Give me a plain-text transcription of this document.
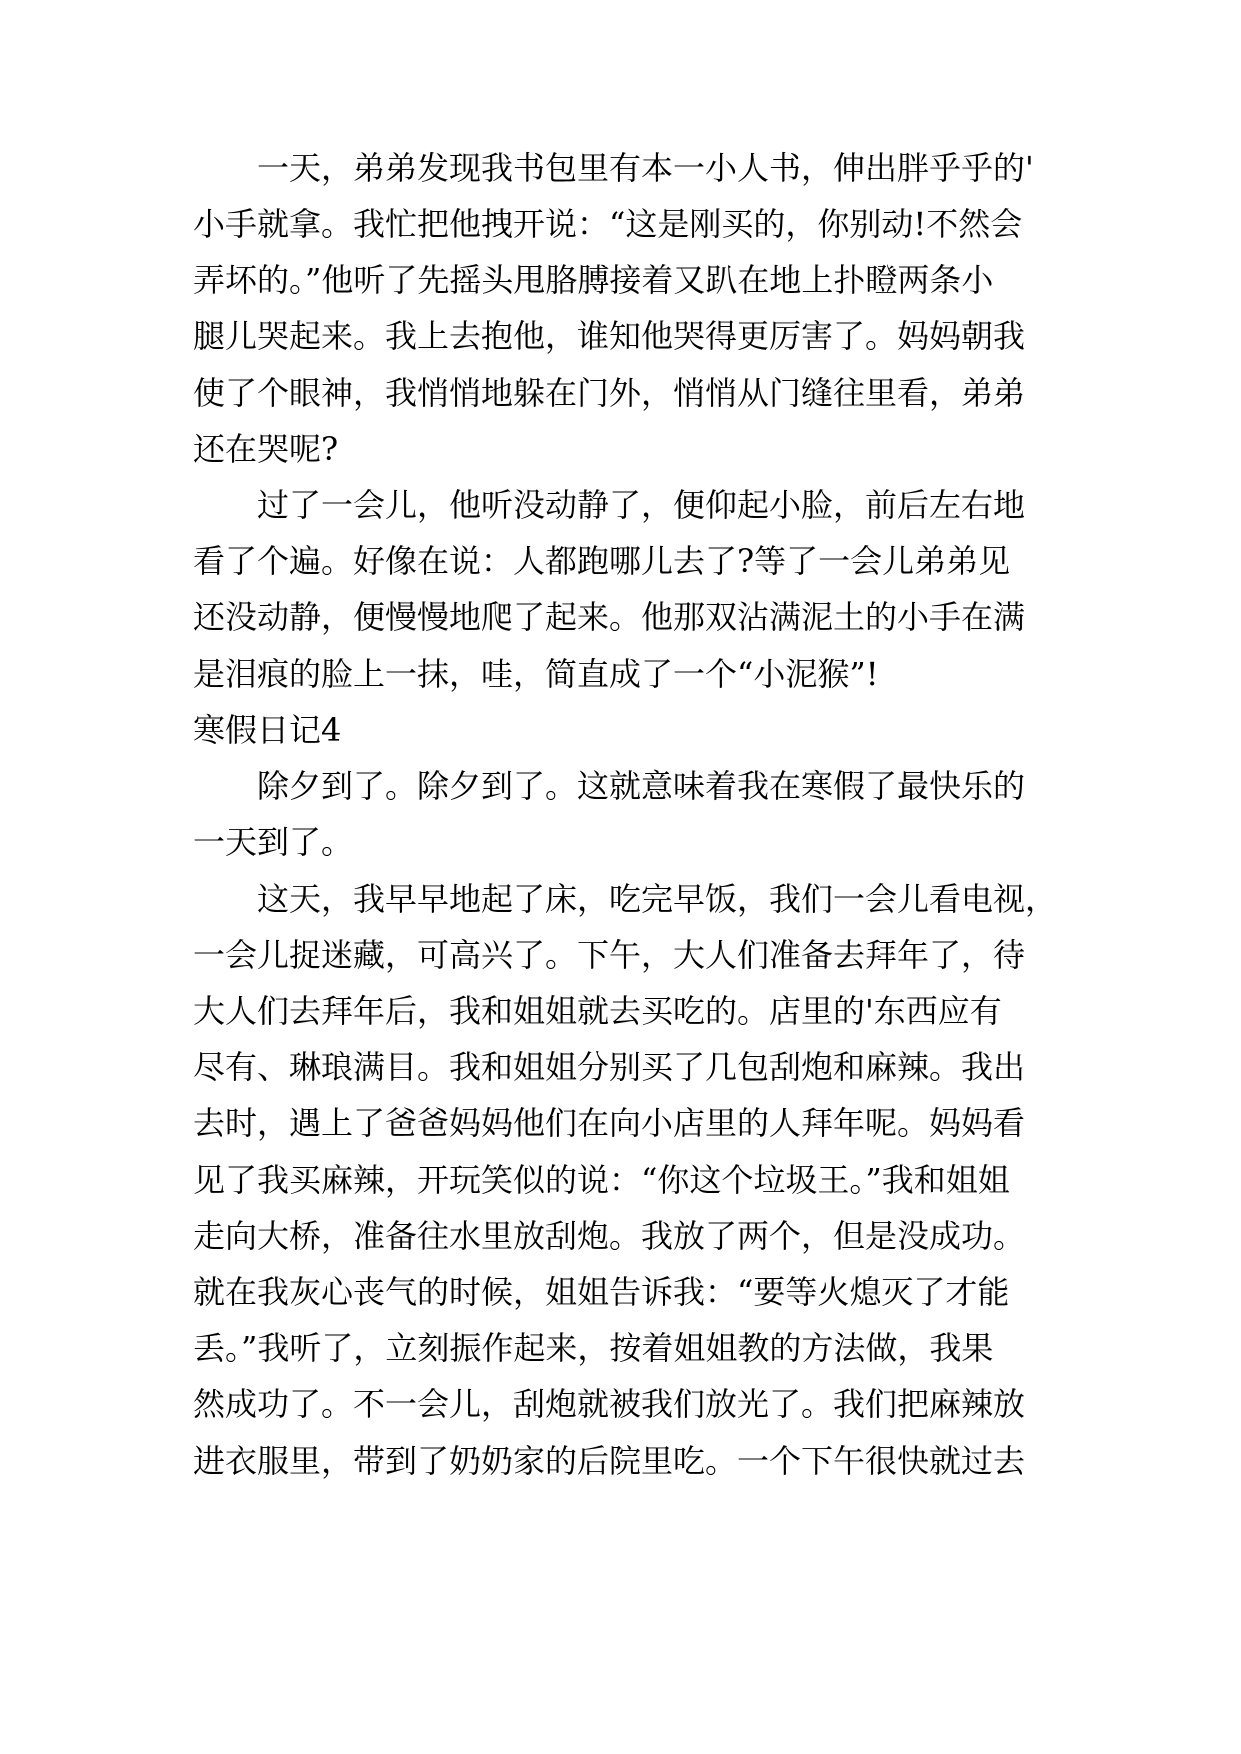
一天，弟弟发现我书包里有本一小人书，伸出胖乎乎的'
小手就拿。我忙把他拽开说：“这是刚买的，你别动!不然会
弄坏的。”他听了先摇头甩胳膊接着又趴在地上扑瞪两条小
腿儿哭起来。我上去抱他，谁知他哭得更厉害了。妈妈朝我
使了个眼神，我悄悄地躲在门外，悄悄从门缝往里看，弟弟
还在哭呢?
过了一会儿，他听没动静了，便仰起小脸，前后左右地
看了个遍。好像在说：人都跑哪儿去了?等了一会儿弟弟见
还没动静，便慢慢地爬了起来。他那双沾满泥土的小手在满
是泪痕的脸上一抹，哇，简直成了一个“小泥猴”!
寒假日记4
除夕到了。除夕到了。这就意味着我在寒假了最快乐的
一天到了。
这天，我早早地起了床，吃完早饭，我们一会儿看电视，
一会儿捉迷藏，可高兴了。下午，大人们准备去拜年了，待
大人们去拜年后，我和姐姐就去买吃的。店里的'东西应有
尽有、琳琅满目。我和姐姐分别买了几包刮炮和麻辣。我出
去时，遇上了爸爸妈妈他们在向小店里的人拜年呢。妈妈看
见了我买麻辣，开玩笑似的说：“你这个垃圾王。”我和姐姐
走向大桥，准备往水里放刮炮。我放了两个，但是没成功。
就在我灰心丧气的时候，姐姐告诉我：“要等火熄灭了才能
丢。”我听了，立刻振作起来，按着姐姐教的方法做，我果
然成功了。不一会儿，刮炮就被我们放光了。我们把麻辣放
进衣服里，带到了奶奶家的后院里吃。一个下午很快就过去
